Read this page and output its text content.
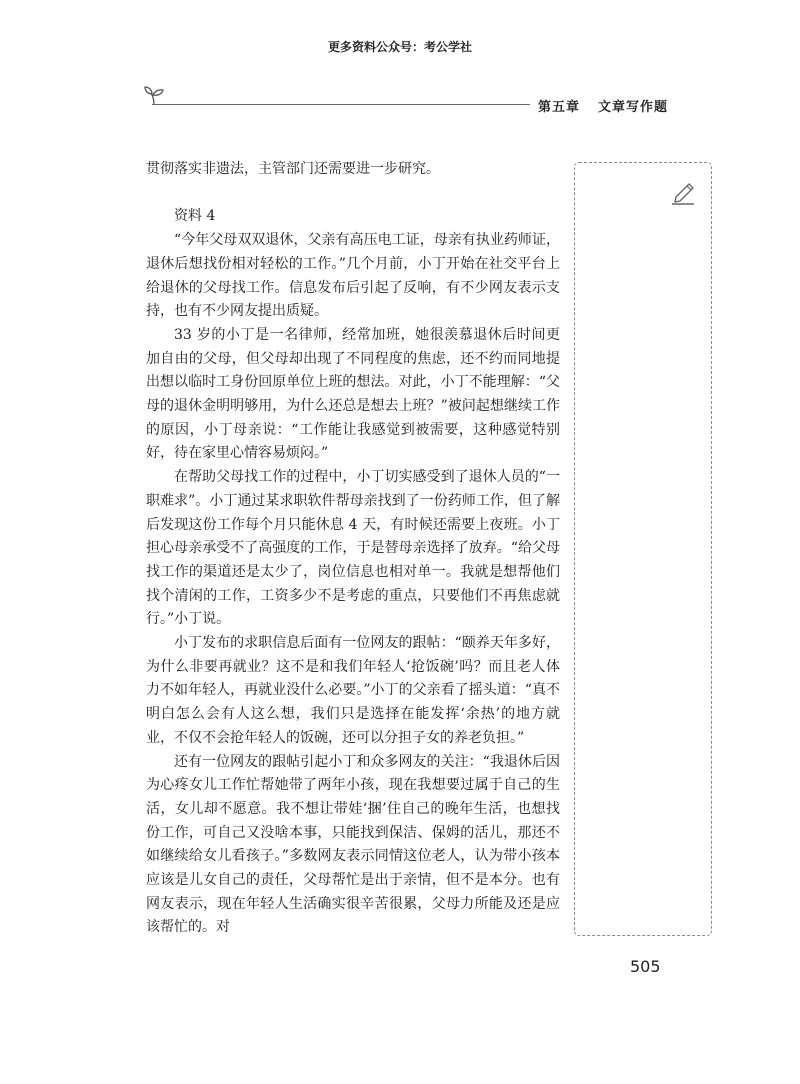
更多资料公众号：考公学社
第五章 文章写作题

贯彻落实非遗法，主管部门还需要进一步研究。

资料 4

“今年父母双双退休，父亲有高压电工证，母亲有执业药师证，退休后想找份相对轻松的工作。”几个月前，小丁开始在社交平台上给退休的父母找工作。信息发布后引起了反响，有不少网友表示支持，也有不少网友提出质疑。

33 岁的小丁是一名律师，经常加班，她很羡慕退休后时间更加自由的父母，但父母却出现了不同程度的焦虑，还不约而同地提出想以临时工身份回原单位上班的想法。对此，小丁不能理解：“父母的退休金明明够用，为什么还总是想去上班？”被问起想继续工作的原因，小丁母亲说：“工作能让我感觉到被需要，这种感觉特别好，待在家里心情容易烦闷。”

在帮助父母找工作的过程中，小丁切实感受到了退休人员的“一职难求”。小丁通过某求职软件帮母亲找到了一份药师工作，但了解后发现这份工作每个月只能休息 4 天，有时候还需要上夜班。小丁担心母亲承受不了高强度的工作，于是替母亲选择了放弃。“给父母找工作的渠道还是太少了，岗位信息也相对单一。我就是想帮他们找个清闲的工作，工资多少不是考虑的重点，只要他们不再焦虑就行。”小丁说。

小丁发布的求职信息后面有一位网友的跟帖：“颐养天年多好，为什么非要再就业？这不是和我们年轻人‘抢饭碗’吗？而且老人体力不如年轻人，再就业没什么必要。”小丁的父亲看了摇头道：“真不明白怎么会有人这么想，我们只是选择在能发挥‘余热’的地方就业，不仅不会抢年轻人的饭碗，还可以分担子女的养老负担。”

还有一位网友的跟帖引起小丁和众多网友的关注：“我退休后因为心疼女儿工作忙帮她带了两年小孩，现在我想要过属于自己的生活，女儿却不愿意。我不想让带娃‘捆’住自己的晚年生活，也想找份工作，可自己又没啥本事，只能找到保洁、保姆的活儿，那还不如继续给女儿看孩子。”多数网友表示同情这位老人，认为带小孩本应该是儿女自己的责任，父母帮忙是出于亲情，但不是本分。也有网友表示，现在年轻人生活确实很辛苦很累，父母力所能及还是应该帮忙的。对

505
